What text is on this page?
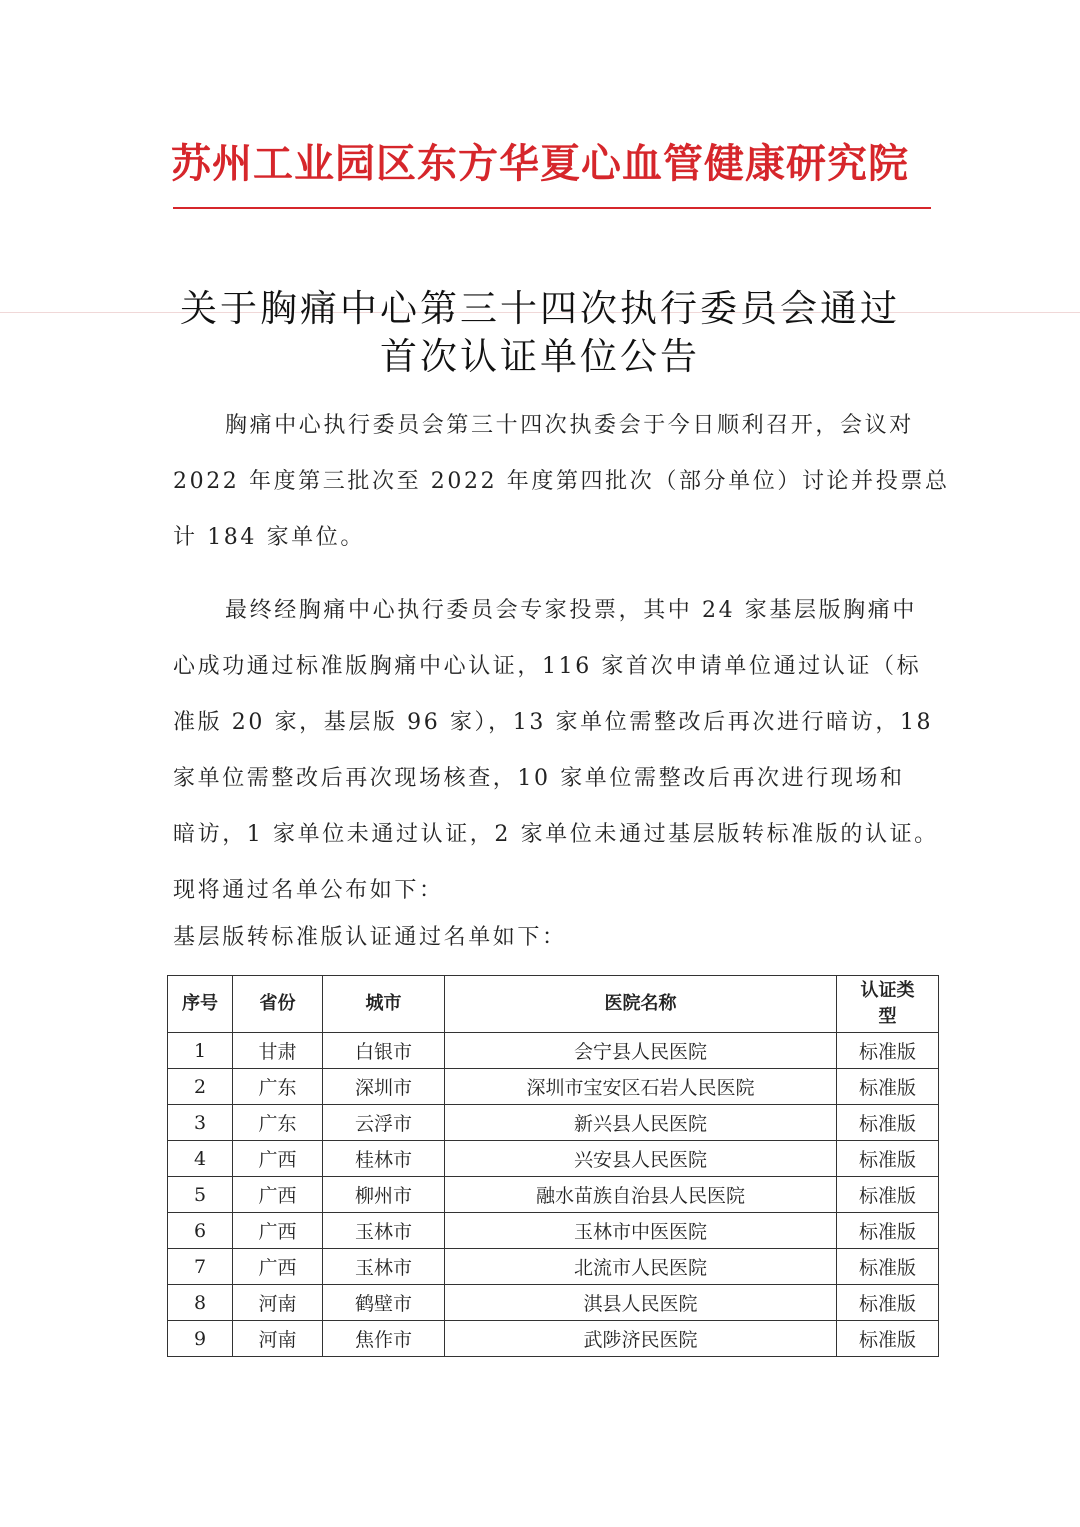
苏州工业园区东方华夏心血管健康研究院
关于胸痛中心第三十四次执行委员会通过
首次认证单位公告
胸痛中心执行委员会第三十四次执委会于今日顺利召开，会议对
2022 年度第三批次至 2022 年度第四批次（部分单位）讨论并投票总
计 184 家单位。
最终经胸痛中心执行委员会专家投票，其中 24 家基层版胸痛中
心成功通过标准版胸痛中心认证，116 家首次申请单位通过认证（标
准版 20 家，基层版 96 家），13 家单位需整改后再次进行暗访，18
家单位需整改后再次现场核查，10 家单位需整改后再次进行现场和
暗访，1 家单位未通过认证，2 家单位未通过基层版转标准版的认证。
现将通过名单公布如下：
基层版转标准版认证通过名单如下：
序号	省份	城市	医院名称	认证类型
1	甘肃	白银市	会宁县人民医院	标准版
2	广东	深圳市	深圳市宝安区石岩人民医院	标准版
3	广东	云浮市	新兴县人民医院	标准版
4	广西	桂林市	兴安县人民医院	标准版
5	广西	柳州市	融水苗族自治县人民医院	标准版
6	广西	玉林市	玉林市中医医院	标准版
7	广西	玉林市	北流市人民医院	标准版
8	河南	鹤壁市	淇县人民医院	标准版
9	河南	焦作市	武陟济民医院	标准版
